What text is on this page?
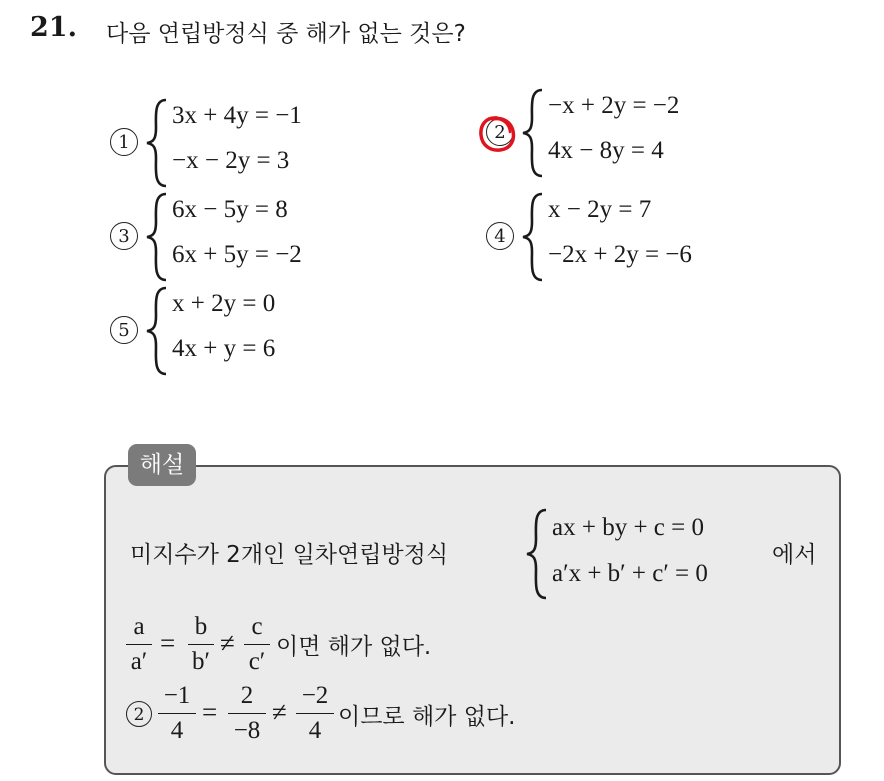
21. 다음 연립방정식 중 해가 없는 것은?
1
3x + 4y = −1
−x − 2y = 3
2
−x + 2y = −2
4x − 8y = 4
3
6x − 5y = 8
6x + 5y = −2
4
x − 2y = 7
−2x + 2y = −6
5
x + 2y = 0
4x + y = 6
해설
미지수가 2개인 일차연립방정식
ax + by + c = 0
a′x + b′ + c′ = 0
에서
a
a′
=
b
b′
≠
c
c′
이면 해가 없다.
2
−1
4
=
2
−8
≠
−2
4 이므로 해가 없다.
